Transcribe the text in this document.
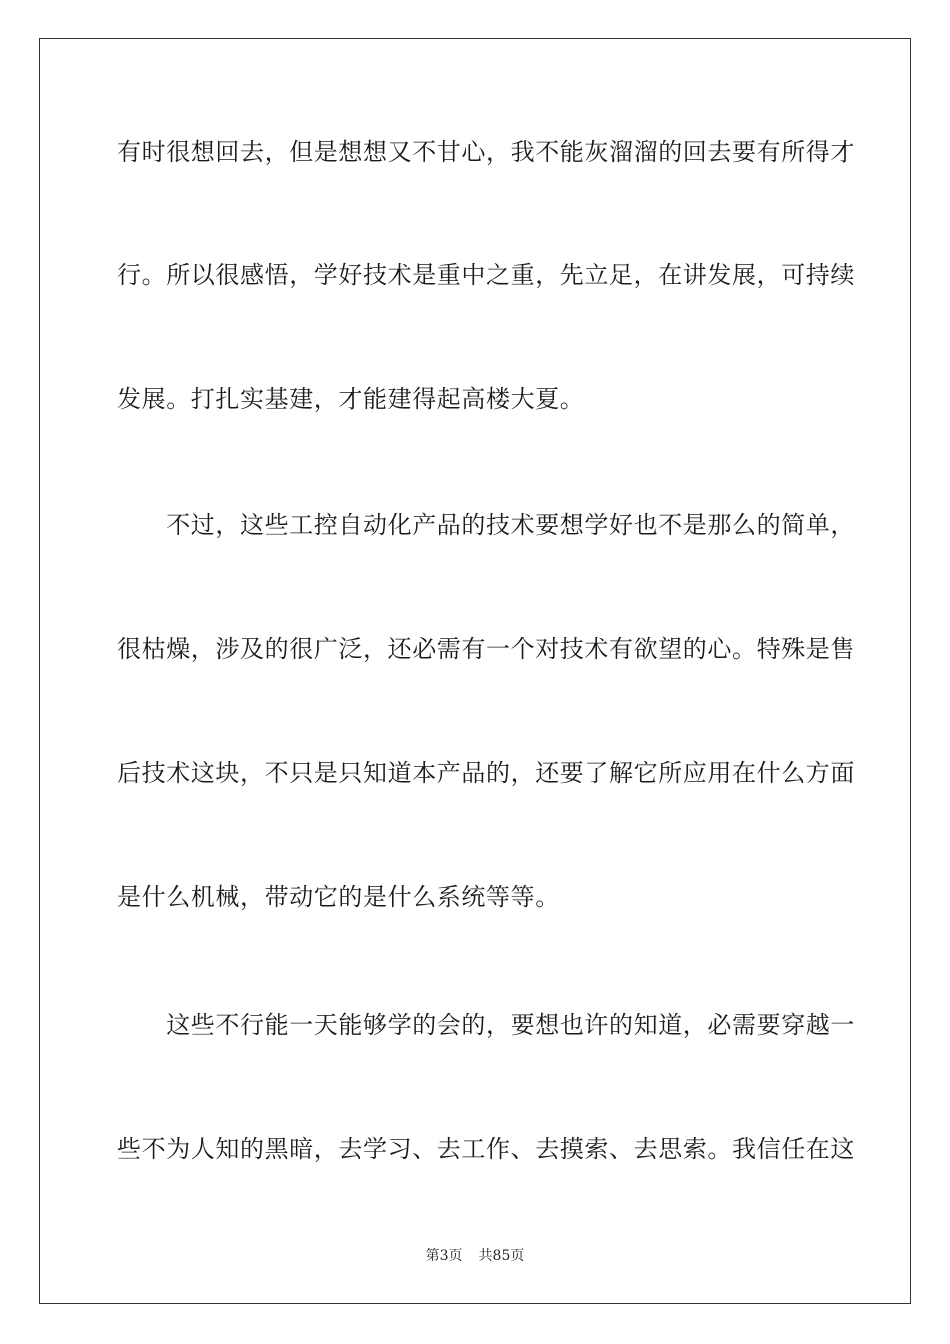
有时很想回去，但是想想又不甘心，我不能灰溜溜的回去要有所得才
行。所以很感悟，学好技术是重中之重，先立足，在讲发展，可持续
发展。打扎实基建，才能建得起高楼大夏。
　　不过，这些工控自动化产品的技术要想学好也不是那么的简单，
很枯燥，涉及的很广泛，还必需有一个对技术有欲望的心。特殊是售
后技术这块，不只是只知道本产品的，还要了解它所应用在什么方面
是什么机械，带动它的是什么系统等等。
　　这些不行能一天能够学的会的，要想也许的知道，必需要穿越一
些不为人知的黑暗，去学习、去工作、去摸索、去思索。我信任在这
第3页 共85页
